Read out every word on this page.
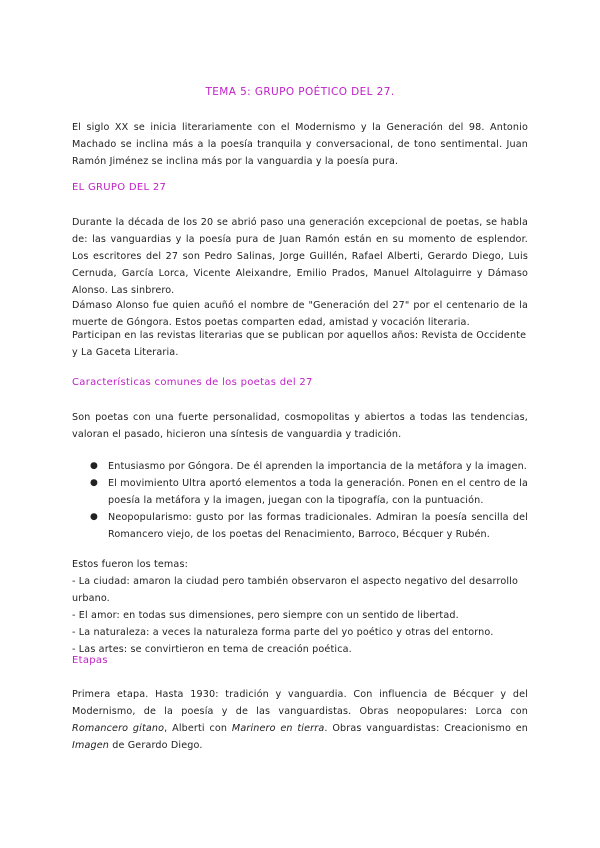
TEMA 5: GRUPO POÉTICO DEL 27.

El siglo XX se inicia literariamente con el Modernismo y la Generación del 98. Antonio Machado se inclina más a la poesía tranquila y conversacional, de tono sentimental. Juan Ramón Jiménez se inclina más por la vanguardia y la poesía pura.

EL GRUPO DEL 27

Durante la década de los 20 se abrió paso una generación excepcional de poetas, se habla de: las vanguardias y la poesía pura de Juan Ramón están en su momento de esplendor. Los escritores del 27 son Pedro Salinas, Jorge Guillén, Rafael Alberti, Gerardo Diego, Luis Cernuda, García Lorca, Vicente Aleixandre, Emilio Prados, Manuel Altolaguirre y Dámaso Alonso. Las sinbrero.

Dámaso Alonso fue quien acuñó el nombre de "Generación del 27" por el centenario de la muerte de Góngora. Estos poetas comparten edad, amistad y vocación literaria.

Participan en las revistas literarias que se publican por aquellos años: Revista de Occidente y La Gaceta Literaria.

Características comunes de los poetas del 27

Son poetas con una fuerte personalidad, cosmopolitas y abiertos a todas las tendencias, valoran el pasado, hicieron una síntesis de vanguardia y tradición.

● Entusiasmo por Góngora. De él aprenden la importancia de la metáfora y la imagen.
● El movimiento Ultra aportó elementos a toda la generación. Ponen en el centro de la poesía la metáfora y la imagen, juegan con la tipografía, con la puntuación.
● Neopopularismo: gusto por las formas tradicionales. Admiran la poesía sencilla del Romancero viejo, de los poetas del Renacimiento, Barroco, Bécquer y Rubén.
Estos fueron los temas:
- La ciudad: amaron la ciudad pero también observaron el aspecto negativo del desarrollo urbano.
- El amor: en todas sus dimensiones, pero siempre con un sentido de libertad.
- La naturaleza: a veces la naturaleza forma parte del yo poético y otras del entorno.
- Las artes: se convirtieron en tema de creación poética.
Etapas

Primera etapa. Hasta 1930: tradición y vanguardia. Con influencia de Bécquer y del Modernismo, de la poesía y de las vanguardistas. Obras neopopulares: Lorca con Romancero gitano, Alberti con Marinero en tierra. Obras vanguardistas: Creacionismo en Imagen de Gerardo Diego.
